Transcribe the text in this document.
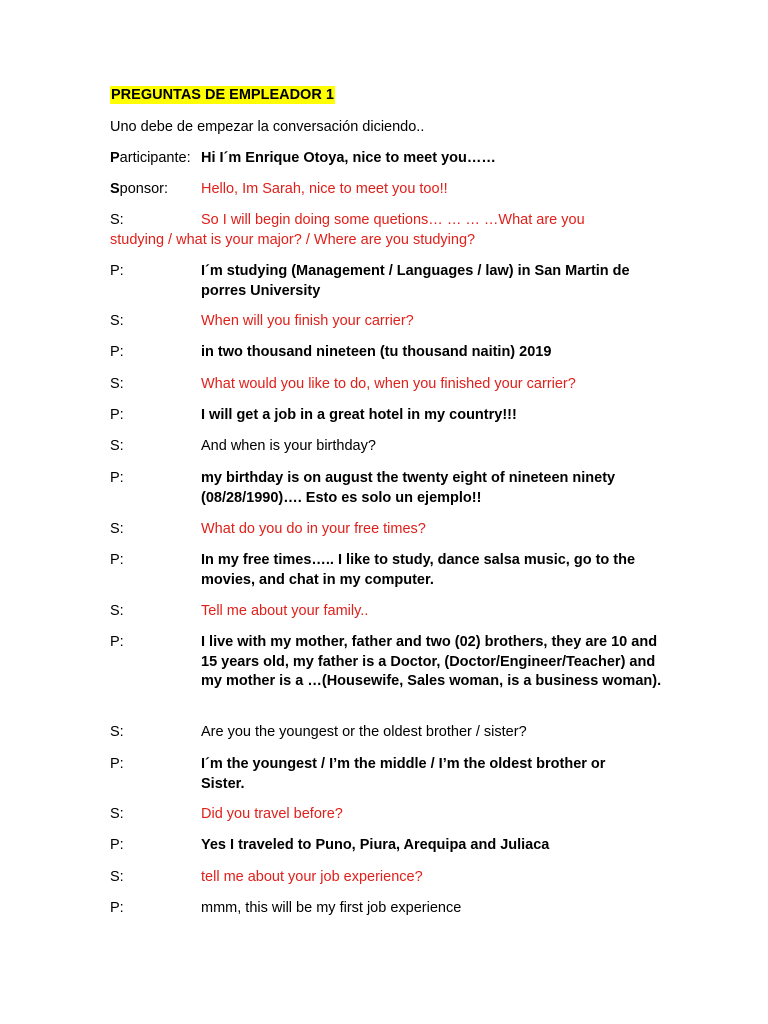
PREGUNTAS DE EMPLEADOR 1
Uno debe de empezar la conversación diciendo..
Participante: Hi I´m Enrique Otoya, nice to meet you……
Sponsor: Hello, Im Sarah, nice to meet you too!!
S:	So I will begin doing some quetions… … … …What are you studying / what is your major? / Where are you studying?
P:	I´m studying (Management / Languages / law) in San Martin de porres University
S:	When will you finish your carrier?
P:	in two thousand nineteen (tu thousand naitin) 2019
S:	What would you like to do, when you finished your carrier?
P:	I will get a job in a great hotel in my country!!!
S:	And when is your birthday?
P:	my birthday is on august the twenty eight of nineteen ninety (08/28/1990)…. Esto es solo un ejemplo!!
S:	What do you do in your free times?
P:	In my free times….. I like to study, dance salsa music, go to the movies, and chat in my computer.
S:	Tell me about your family..
P:	I live with my mother, father and two (02) brothers, they are 10 and 15 years old, my father is a Doctor, (Doctor/Engineer/Teacher) and my mother is a …(Housewife, Sales woman, is a business woman).
S:	Are you the youngest or the oldest brother / sister?
P:	I´m the youngest / I’m the middle / I’m the oldest brother or Sister.
S:	Did you travel before?
P:	Yes I traveled to Puno, Piura, Arequipa and Juliaca
S:	tell me about your job experience?
P:	mmm, this will be my first job experience
